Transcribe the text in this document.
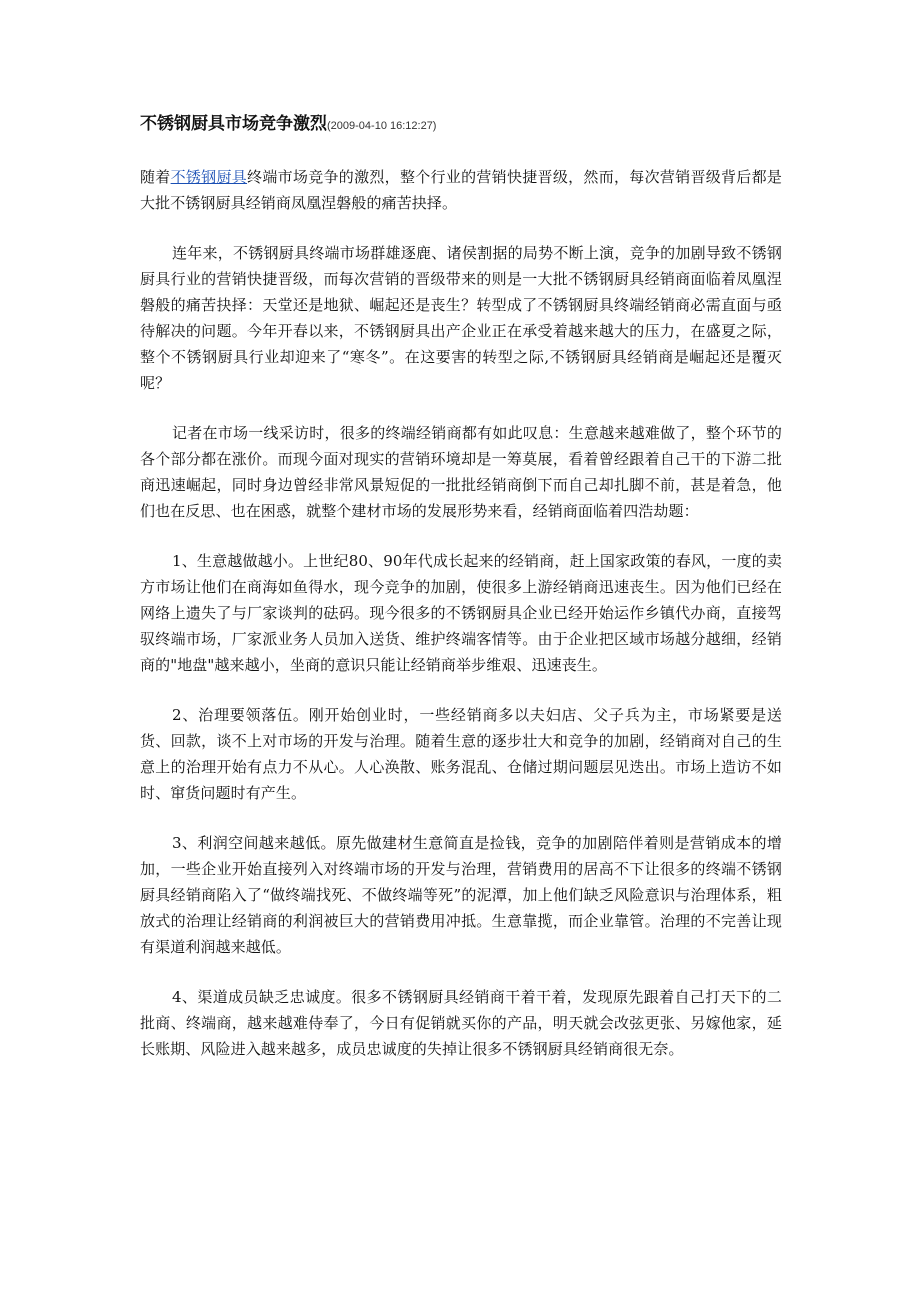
不锈钢厨具市场竞争激烈(2009-04-10 16:12:27)

随着不锈钢厨具终端市场竞争的激烈，整个行业的营销快捷晋级，然而，每次营销晋级背后都是大批不锈钢厨具经销商凤凰涅磐般的痛苦抉择。

连年来，不锈钢厨具终端市场群雄逐鹿、诸侯割据的局势不断上演，竞争的加剧导致不锈钢厨具行业的营销快捷晋级，而每次营销的晋级带来的则是一大批不锈钢厨具经销商面临着凤凰涅磐般的痛苦抉择：天堂还是地狱、崛起还是丧生？转型成了不锈钢厨具终端经销商必需直面与亟待解决的问题。今年开春以来，不锈钢厨具出产企业正在承受着越来越大的压力，在盛夏之际，整个不锈钢厨具行业却迎来了“寒冬”。在这要害的转型之际,不锈钢厨具经销商是崛起还是覆灭呢？

记者在市场一线采访时，很多的终端经销商都有如此叹息：生意越来越难做了，整个环节的各个部分都在涨价。而现今面对现实的营销环境却是一筹莫展，看着曾经跟着自己干的下游二批商迅速崛起，同时身边曾经非常风景短促的一批批经销商倒下而自己却扎脚不前，甚是着急，他们也在反思、也在困惑，就整个建材市场的发展形势来看，经销商面临着四浩劫题：

1、生意越做越小。上世纪80、90年代成长起来的经销商，赶上国家政策的春风，一度的卖方市场让他们在商海如鱼得水，现今竞争的加剧，使很多上游经销商迅速丧生。因为他们已经在网络上遗失了与厂家谈判的砝码。现今很多的不锈钢厨具企业已经开始运作乡镇代办商，直接驾驭终端市场，厂家派业务人员加入送货、维护终端客情等。由于企业把区域市场越分越细，经销商的"地盘"越来越小，坐商的意识只能让经销商举步维艰、迅速丧生。

2、治理要领落伍。刚开始创业时，一些经销商多以夫妇店、父子兵为主，市场紧要是送货、回款，谈不上对市场的开发与治理。随着生意的逐步壮大和竞争的加剧，经销商对自己的生意上的治理开始有点力不从心。人心涣散、账务混乱、仓储过期问题层见迭出。市场上造访不如时、窜货问题时有产生。

3、利润空间越来越低。原先做建材生意简直是捡钱，竞争的加剧陪伴着则是营销成本的增加，一些企业开始直接列入对终端市场的开发与治理，营销费用的居高不下让很多的终端不锈钢厨具经销商陷入了“做终端找死、不做终端等死”的泥潭，加上他们缺乏风险意识与治理体系，粗放式的治理让经销商的利润被巨大的营销费用冲抵。生意靠揽，而企业靠管。治理的不完善让现有渠道利润越来越低。

4、渠道成员缺乏忠诚度。很多不锈钢厨具经销商干着干着，发现原先跟着自己打天下的二批商、终端商，越来越难侍奉了，今日有促销就买你的产品，明天就会改弦更张、另嫁他家，延长账期、风险进入越来越多，成员忠诚度的失掉让很多不锈钢厨具经销商很无奈。
